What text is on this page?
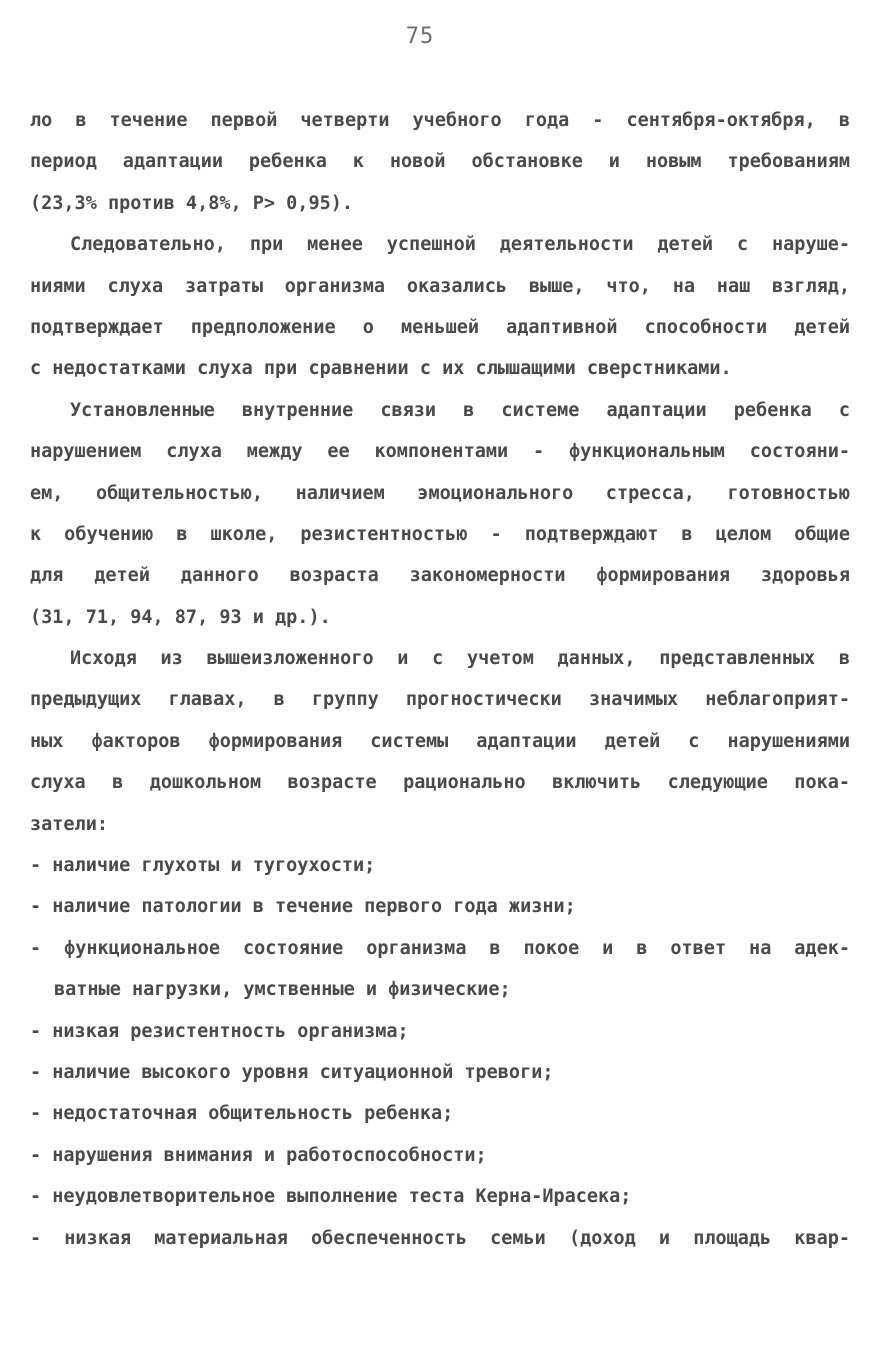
75
ло в течение первой четверти учебного года - сентября-октября, в
период адаптации ребенка к новой обстановке и новым требованиям
(23,3% против 4,8%, P> 0,95).
Следовательно, при менее успешной деятельности детей с наруше-
ниями слуха затраты организма оказались выше, что, на наш взгляд,
подтверждает предположение о меньшей адаптивной способности детей
с недостатками слуха при сравнении с их слышащими сверстниками.
Установленные внутренние связи в системе адаптации ребенка с
нарушением слуха между ее компонентами - функциональным состояни-
ем, общительностью, наличием эмоционального стресса, готовностью
к обучению в школе, резистентностью - подтверждают в целом общие
для детей данного возраста закономерности формирования здоровья
(31, 71, 94, 87, 93 и др.).
Исходя из вышеизложенного и с учетом данных, представленных в
предыдущих главах, в группу прогностически значимых неблагоприят-
ных факторов формирования системы адаптации детей с нарушениями
слуха в дошкольном возрасте рационально включить следующие пока-
затели:
- наличие глухоты и тугоухости;
- наличие патологии в течение первого года жизни;
- функциональное состояние организма в покое и в ответ на адек-
ватные нагрузки, умственные и физические;
- низкая резистентность организма;
- наличие высокого уровня ситуационной тревоги;
- недостаточная общительность ребенка;
- нарушения внимания и работоспособности;
- неудовлетворительное выполнение теста Керна-Ирасека;
- низкая материальная обеспеченность семьи (доход и площадь квар-
